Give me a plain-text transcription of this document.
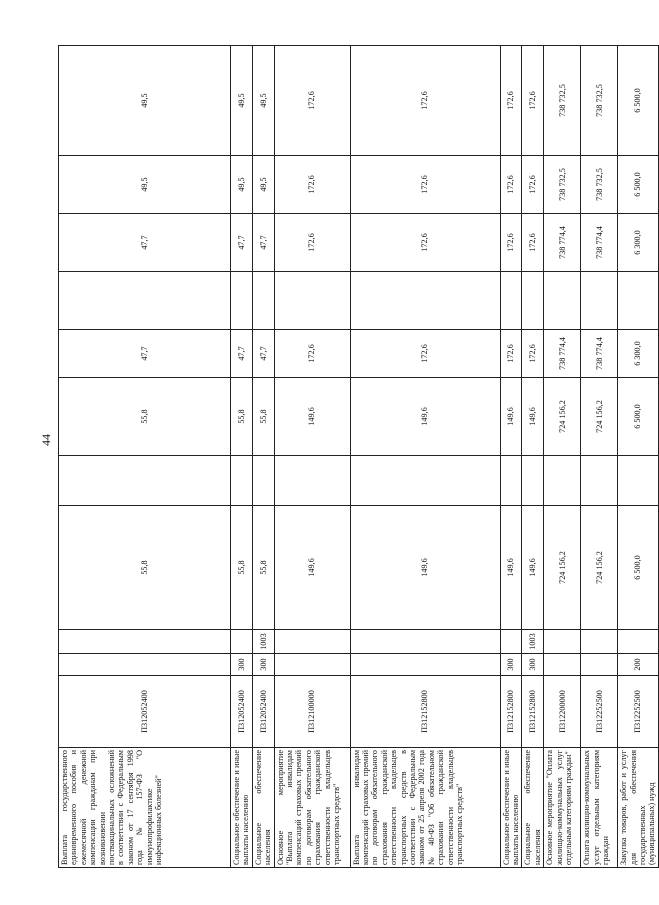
44
Выплата государственного единовременного пособия и ежемесячной денежной компенсации гражданам при возникновении поствакцинальных осложнений в соответствии с Федеральным законом от 17 сентября 1998 года № 157-ФЗ "О иммунопрофилактике инфекционных болезней"	П312052400			55,8		55,8	47,7		47,7	49,5	49,5
Социальное обеспечение и иные выплаты населению	П312052400	300		55,8		55,8	47,7		47,7	49,5	49,5
Социальное обеспечение населения	П312052400	300	1003	55,8		55,8	47,7		47,7	49,5	49,5
Основное мероприятие "Выплата инвалидам компенсаций страховых премий по договорам обязательного страхования гражданской ответственности владельцев транспортных средств"	П312100000			149,6		149,6	172,6		172,6	172,6	172,6
Выплата инвалидам компенсаций страховых премий по договорам обязательного страхования гражданской ответственности владельцев транспортных средств в соответствии с Федеральным законом от 25 апреля 2002 года № 40-ФЗ "Об обязательном страховании гражданской ответственности владельцев транспортных средств"	П312152800			149,6		149,6	172,6		172,6	172,6	172,6
Социальное обеспечение и иные выплаты населению	П312152800	300		149,6		149,6	172,6		172,6	172,6	172,6
Социальное обеспечение населения	П312152800	300	1003	149,6		149,6	172,6		172,6	172,6	172,6
Основное мероприятие "Оплата жилищно-коммунальных услуг отдельным категориям граждан"	П312200000			724 156,2		724 156,2	738 774,4		738 774,4	738 732,5	738 732,5
Оплата жилищно-коммунальных услуг отдельным категориям граждан	П312252500			724 156,2		724 156,2	738 774,4		738 774,4	738 732,5	738 732,5
Закупка товаров, работ и услуг для обеспечения государственных (муниципальных) нужд	П312252500	200		6 500,0		6 500,0	6 300,0		6 300,0	6 500,0	6 500,0
